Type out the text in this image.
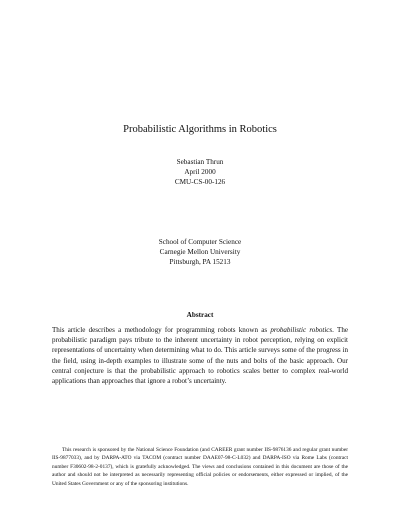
Probabilistic Algorithms in Robotics
Sebastian Thrun
April 2000
CMU-CS-00-126
School of Computer Science
Carnegie Mellon University
Pittsburgh, PA 15213
Abstract
This article describes a methodology for programming robots known as probabilistic robotics. The probabilistic paradigm pays tribute to the inherent uncertainty in robot perception, relying on explicit representations of uncertainty when determining what to do. This article surveys some of the progress in the field, using in-depth examples to illustrate some of the nuts and bolts of the basic approach. Our central conjecture is that the probabilistic approach to robotics scales better to complex real-world applications than approaches that ignore a robot’s uncertainty.
This research is sponsored by the National Science Foundation (and CAREER grant number IIS-9876136 and regular grant number IIS-9877033), and by DARPA-ATO via TACOM (contract number DAAE07-98-C-L032) and DARPA-ISO via Rome Labs (contract number F30602-98-2-0137), which is gratefully acknowledged. The views and conclusions contained in this document are those of the author and should not be interpreted as necessarily representing official policies or endorsements, either expressed or implied, of the United States Government or any of the sponsoring institutions.
